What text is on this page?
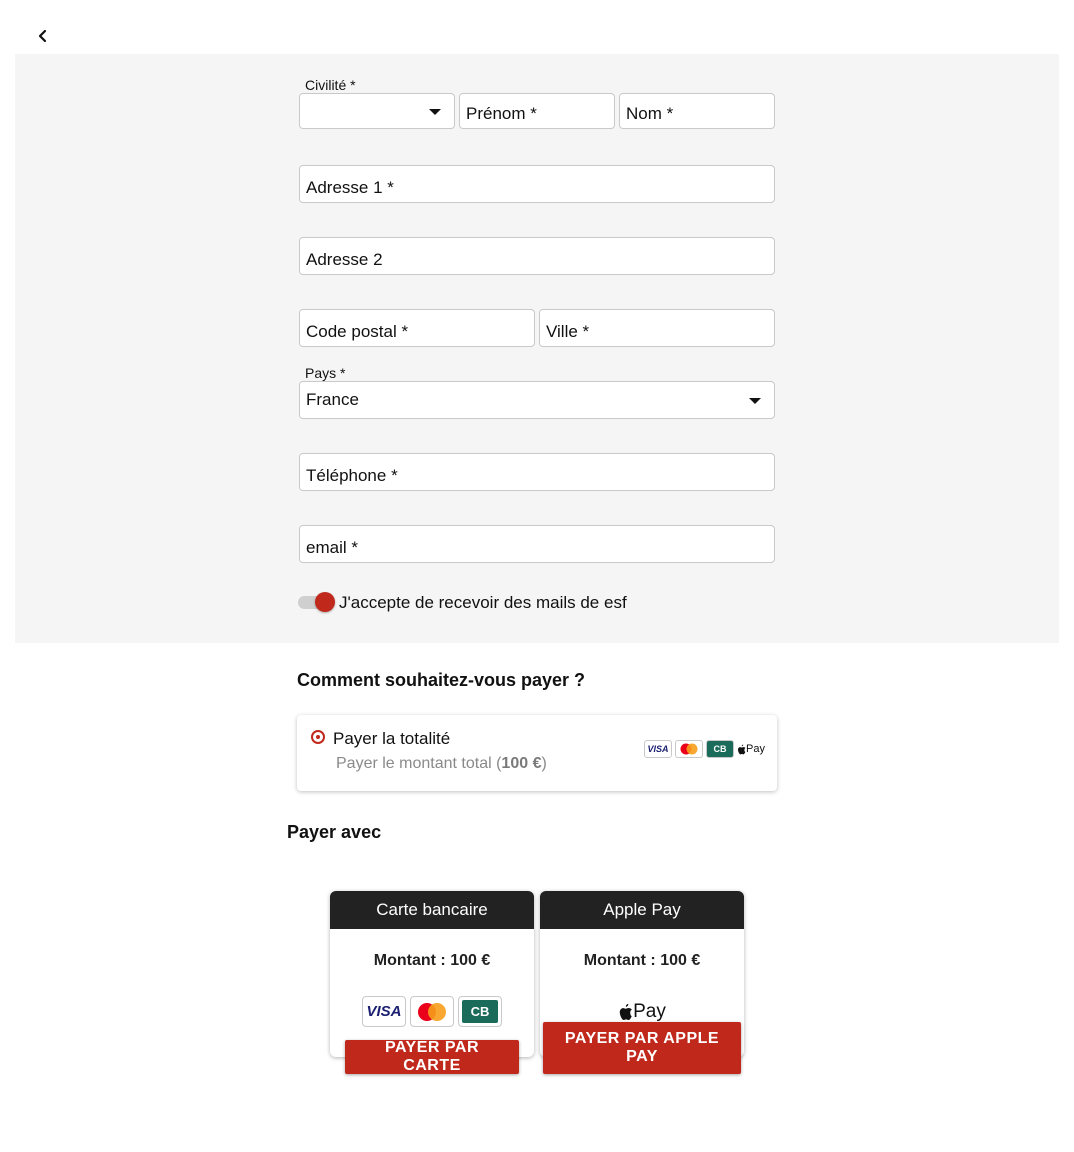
Civilité *
Prénom *	Nom *
Adresse 1 *
Adresse 2
Code postal *	Ville *
Pays *
France
Téléphone *
email *
J'accepte de recevoir des mails de esf
Comment souhaitez-vous payer ?
Payer la totalité
Payer le montant total (100 €)
VISA	CB Pay
Payer avec
Carte bancaire
Montant : 100 €
VISA	CB
PAYER PAR CARTE
Apple Pay
Montant : 100 €
Pay
PAYER PAR APPLE PAY
